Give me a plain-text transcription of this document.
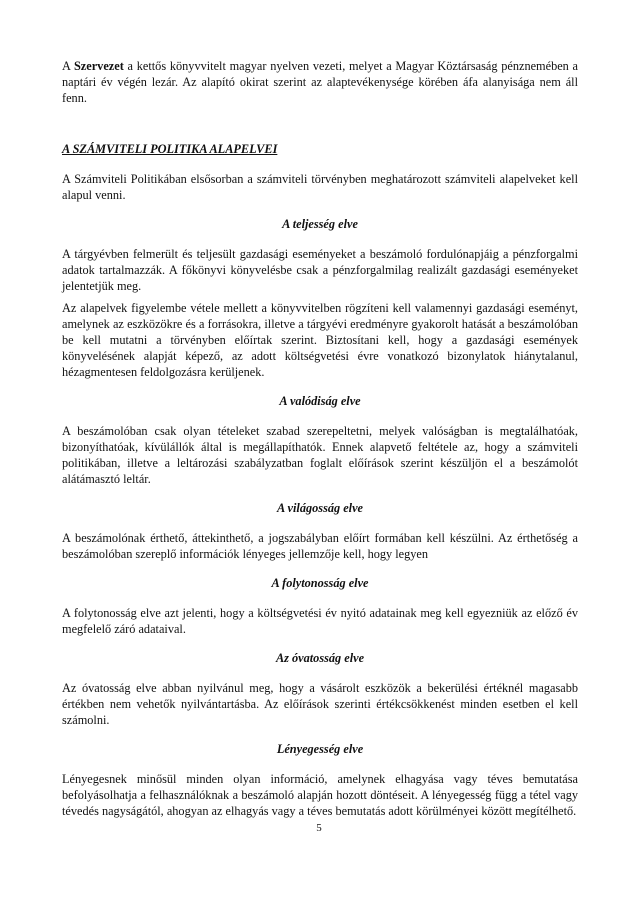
A Szervezet a kettős könyvvitelt magyar nyelven vezeti, melyet a Magyar Köztársaság pénznemében a naptári év végén lezár. Az alapító okirat szerint az alaptevékenysége körében áfa alanyisága nem áll fenn.

A SZÁMVITELI POLITIKA ALAPELVEI

A Számviteli Politikában elsősorban a számviteli törvényben meghatározott számviteli alapelveket kell alapul venni.

A teljesség elve

A tárgyévben felmerült és teljesült gazdasági eseményeket a beszámoló fordulónapjáig a pénzforgalmi adatok tartalmazzák. A főkönyvi könyvelésbe csak a pénzforgalmilag realizált gazdasági eseményeket jelentetjük meg.

Az alapelvek figyelembe vétele mellett a könyvvitelben rögzíteni kell valamennyi gazdasági eseményt, amelynek az eszközökre és a forrásokra, illetve a tárgyévi eredményre gyakorolt hatását a beszámolóban be kell mutatni a törvényben előírtak szerint. Biztosítani kell, hogy a gazdasági események könyvelésének alapját képező, az adott költségvetési évre vonatkozó bizonylatok hiánytalanul, hézagmentesen feldolgozásra kerüljenek.

A valódiság elve

A beszámolóban csak olyan tételeket szabad szerepeltetni, melyek valóságban is megtalálhatóak, bizonyíthatóak, kívülállók által is megállapíthatók. Ennek alapvető feltétele az, hogy a számviteli politikában, illetve a leltározási szabályzatban foglalt előírások szerint készüljön el a beszámolót alátámasztó leltár.

A világosság elve

A beszámolónak érthető, áttekinthető, a jogszabályban előírt formában kell készülni. Az érthetőség a beszámolóban szereplő információk lényeges jellemzője kell, hogy legyen

A folytonosság elve

A folytonosság elve azt jelenti, hogy a költségvetési év nyitó adatainak meg kell egyezniük az előző év megfelelő záró adataival.

Az óvatosság elve

Az óvatosság elve abban nyilvánul meg, hogy a vásárolt eszközök a bekerülési értéknél magasabb értékben nem vehetők nyilvántartásba. Az előírások szerinti értékcsökkenést minden esetben el kell számolni.

Lényegesség elve

Lényegesnek minősül minden olyan információ, amelynek elhagyása vagy téves bemutatása befolyásolhatja a felhasználóknak a beszámoló alapján hozott döntéseit. A lényegesség függ a tétel vagy tévedés nagyságától, ahogyan az elhagyás vagy a téves bemutatás adott körülményei között megítélhető.

5
